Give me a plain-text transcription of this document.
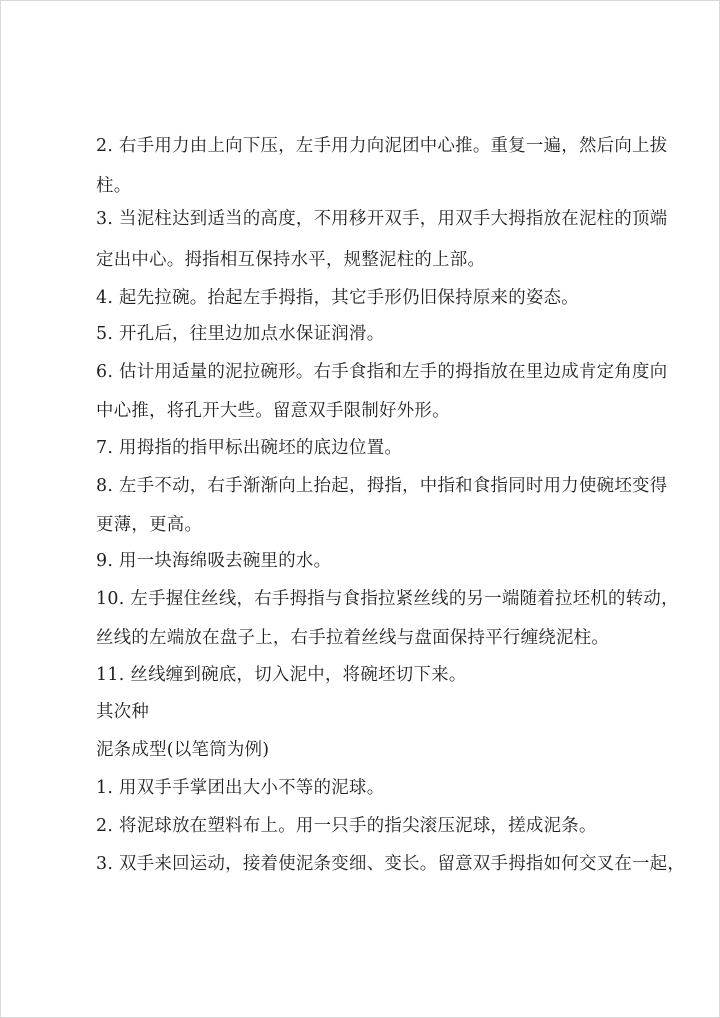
2. 右手用力由上向下压，左手用力向泥团中心推。重复一遍，然后向上拔
柱。
3. 当泥柱达到适当的高度，不用移开双手，用双手大拇指放在泥柱的顶端
定出中心。拇指相互保持水平，规整泥柱的上部。
4. 起先拉碗。抬起左手拇指，其它手形仍旧保持原来的姿态。
5. 开孔后，往里边加点水保证润滑。
6. 估计用适量的泥拉碗形。右手食指和左手的拇指放在里边成肯定角度向
中心推，将孔开大些。留意双手限制好外形。
7. 用拇指的指甲标出碗坯的底边位置。
8. 左手不动，右手渐渐向上抬起，拇指，中指和食指同时用力使碗坯变得
更薄，更高。
9. 用一块海绵吸去碗里的水。
10. 左手握住丝线，右手拇指与食指拉紧丝线的另一端随着拉坯机的转动，
丝线的左端放在盘子上，右手拉着丝线与盘面保持平行缠绕泥柱。
11. 丝线缠到碗底，切入泥中，将碗坯切下来。
其次种
泥条成型(以笔筒为例)
1. 用双手手掌团出大小不等的泥球。
2. 将泥球放在塑料布上。用一只手的指尖滚压泥球，搓成泥条。
3. 双手来回运动，接着使泥条变细、变长。留意双手拇指如何交叉在一起，
